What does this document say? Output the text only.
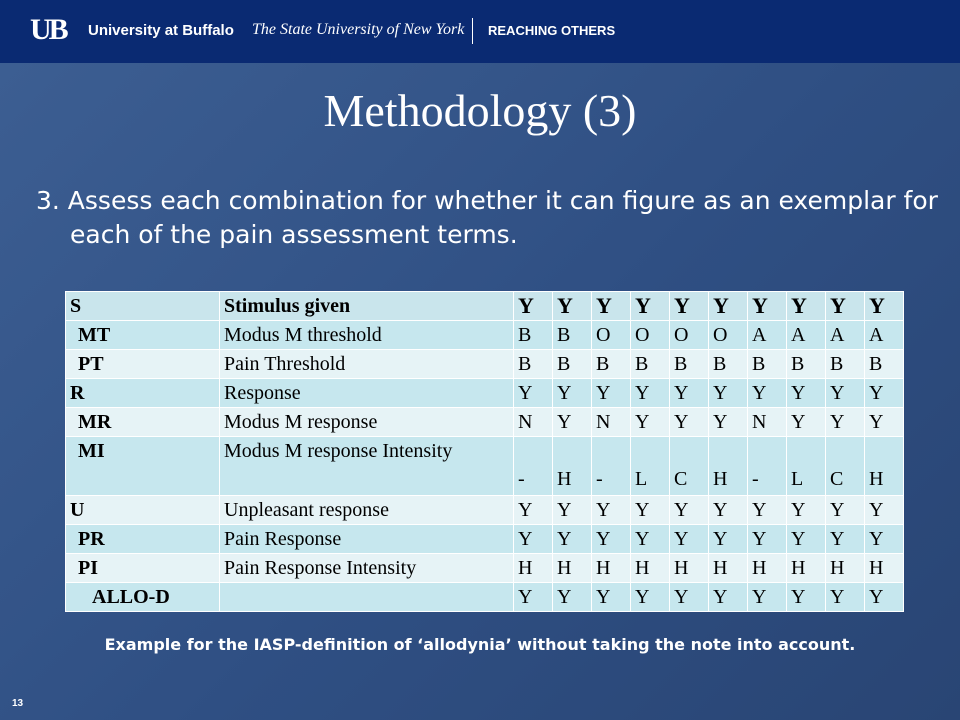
UB University at Buffalo The State University of New York REACHING OTHERS
Methodology (3)
3. Assess each combination for whether it can figure as an exemplar for each of the pain assessment terms.
S	Stimulus given	Y	Y	Y	Y	Y	Y	Y	Y	Y	Y
MT	Modus M threshold	B	B	O	O	O	O	A	A	A	A
PT	Pain Threshold	B	B	B	B	B	B	B	B	B	B
R	Response	Y	Y	Y	Y	Y	Y	Y	Y	Y	Y
MR	Modus M response	N	Y	N	Y	Y	Y	N	Y	Y	Y
MI	Modus M response Intensity	-	H	-	L	C	H	-	L	C	H
U	Unpleasant response	Y	Y	Y	Y	Y	Y	Y	Y	Y	Y
PR	Pain Response	Y	Y	Y	Y	Y	Y	Y	Y	Y	Y
PI	Pain Response Intensity	H	H	H	H	H	H	H	H	H	H
ALLO-D		Y	Y	Y	Y	Y	Y	Y	Y	Y	Y
Example for the IASP-definition of ‘allodynia’ without taking the note into account.
13
